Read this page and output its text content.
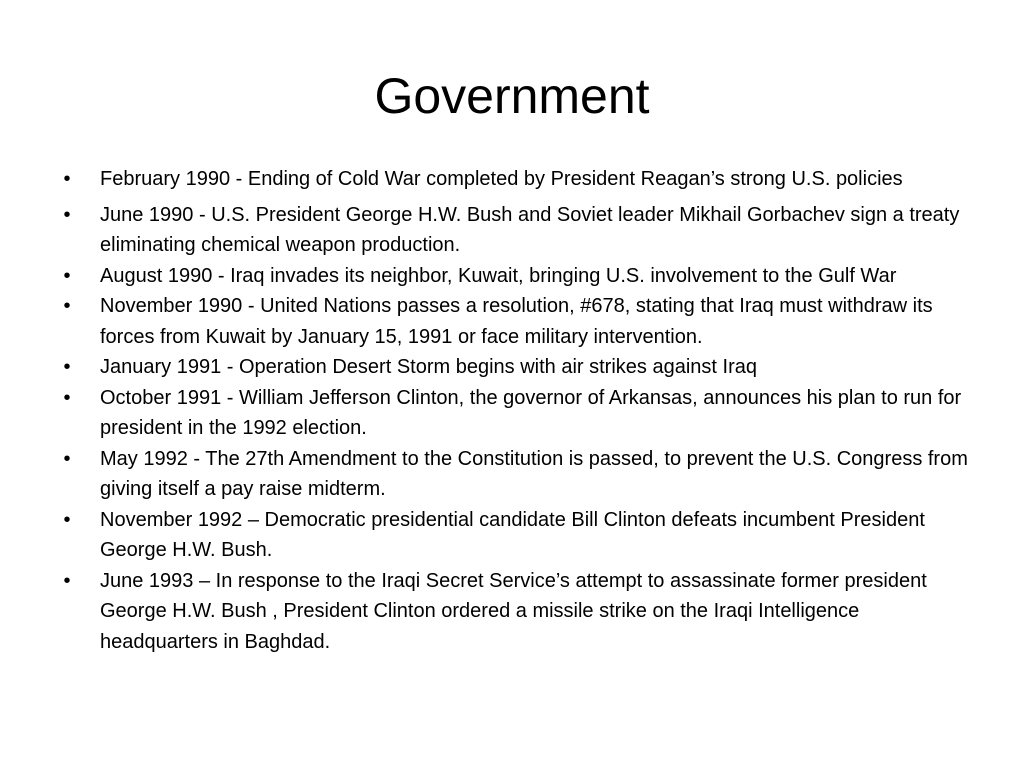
Government
• February 1990 - Ending of Cold War completed by President Reagan’s strong U.S. policies
• June 1990 - U.S. President George H.W. Bush and Soviet leader Mikhail Gorbachev sign a treaty eliminating chemical weapon production.
• August 1990 - Iraq invades its neighbor, Kuwait, bringing U.S. involvement to the Gulf War
• November 1990 - United Nations passes a resolution, #678, stating that Iraq must withdraw its forces from Kuwait by January 15, 1991 or face military intervention.
• January 1991 - Operation Desert Storm begins with air strikes against Iraq
• October 1991 - William Jefferson Clinton, the governor of Arkansas, announces his plan to run for president in the 1992 election.
• May 1992 - The 27th Amendment to the Constitution is passed, to prevent the U.S. Congress from giving itself a pay raise midterm.
• November 1992 – Democratic presidential candidate Bill Clinton defeats incumbent President George H.W. Bush.
• June 1993 – In response to the Iraqi Secret Service’s attempt to assassinate former president George H.W. Bush , President Clinton ordered a missile strike on the Iraqi Intelligence headquarters in Baghdad.
